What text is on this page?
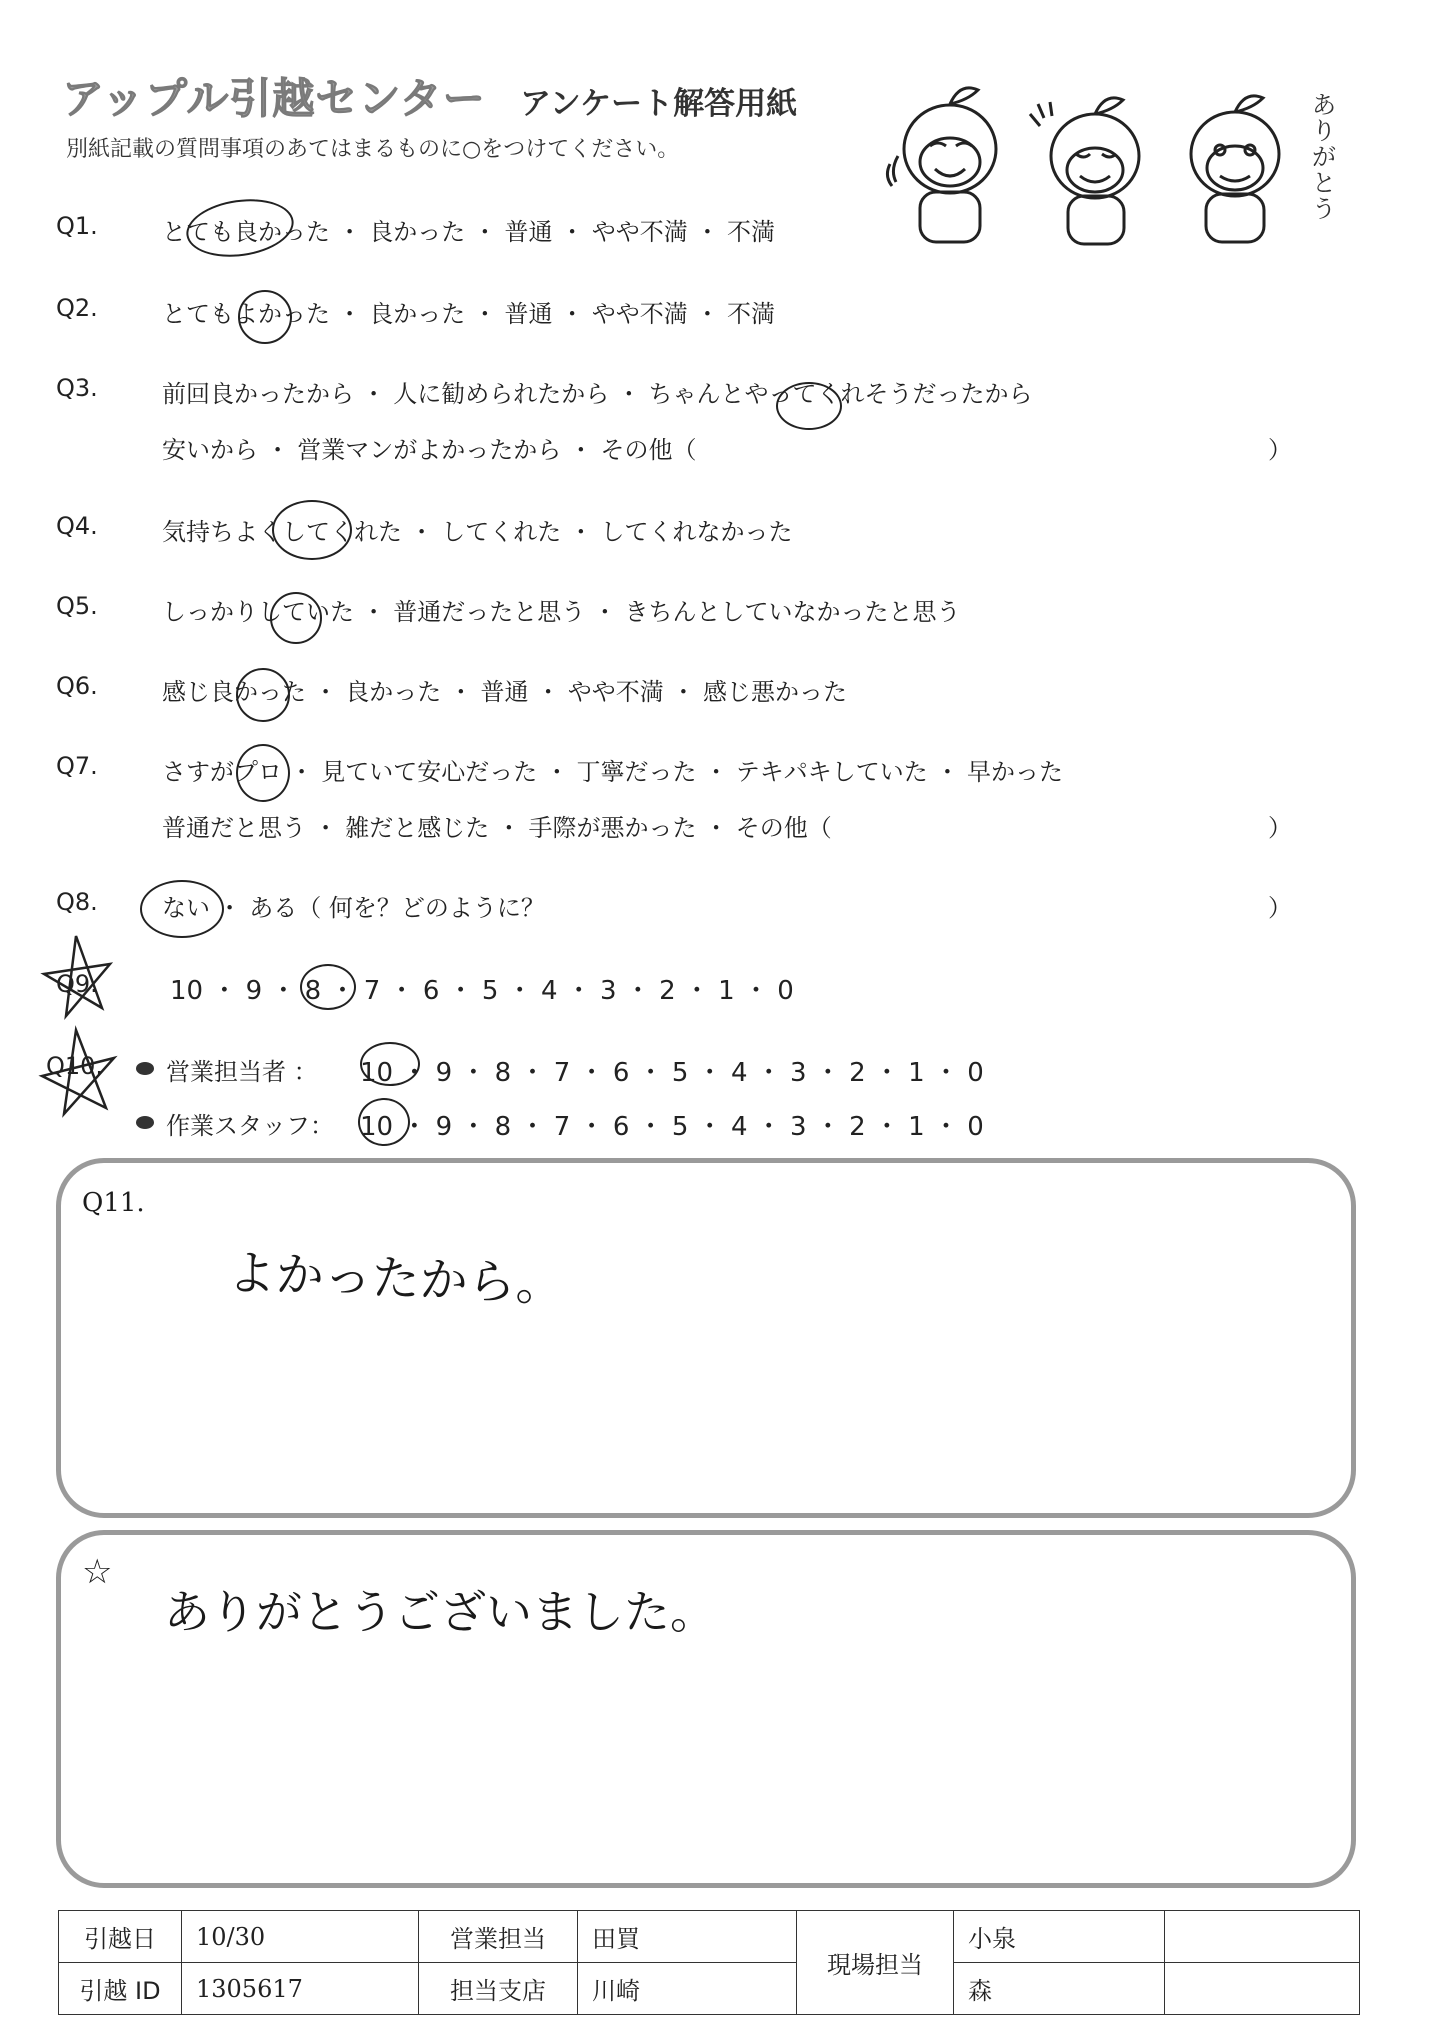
アップル引越センター アンケート解答用紙
別紙記載の質問事項のあてはまるものに○をつけてください。
ありがとう
Q1.	とても良かった ・ 良かった ・ 普通 ・ やや不満 ・ 不満
Q2.	とてもよかった ・ 良かった ・ 普通 ・ やや不満 ・ 不満
Q3.	前回良かったから ・ 人に勧められたから ・ ちゃんとやってくれそうだったから
安いから ・ 営業マンがよかったから ・ その他（	）
Q4.	気持ちよくしてくれた ・ してくれた ・ してくれなかった
Q5.	しっかりしていた ・ 普通だったと思う ・ きちんとしていなかったと思う
Q6.	感じ良かった ・ 良かった ・ 普通 ・ やや不満 ・ 感じ悪かった
Q7.	さすがプロ ・ 見ていて安心だった ・ 丁寧だった ・ テキパキしていた ・ 早かった
普通だと思う ・ 雑だと感じた ・ 手際が悪かった ・ その他（	）
Q8.	ない ・ ある（ 何を？どのように？	）
Q9.	10 ・ 9 ・ 8 ・ 7 ・ 6 ・ 5 ・ 4 ・ 3 ・ 2 ・ 1 ・ 0
Q10.	営業担当者 ： 10 ・ 9 ・ 8 ・ 7 ・ 6 ・ 5 ・ 4 ・ 3 ・ 2 ・ 1 ・ 0
作業スタッフ： 10 ・ 9 ・ 8 ・ 7 ・ 6 ・ 5 ・ 4 ・ 3 ・ 2 ・ 1 ・ 0
Q11.
よかったから。
☆
ありがとうございました。
引越日	10/30	営業担当	田買	現場担当	小泉	
引越 ID	1305617	担当支店	川崎		森	
